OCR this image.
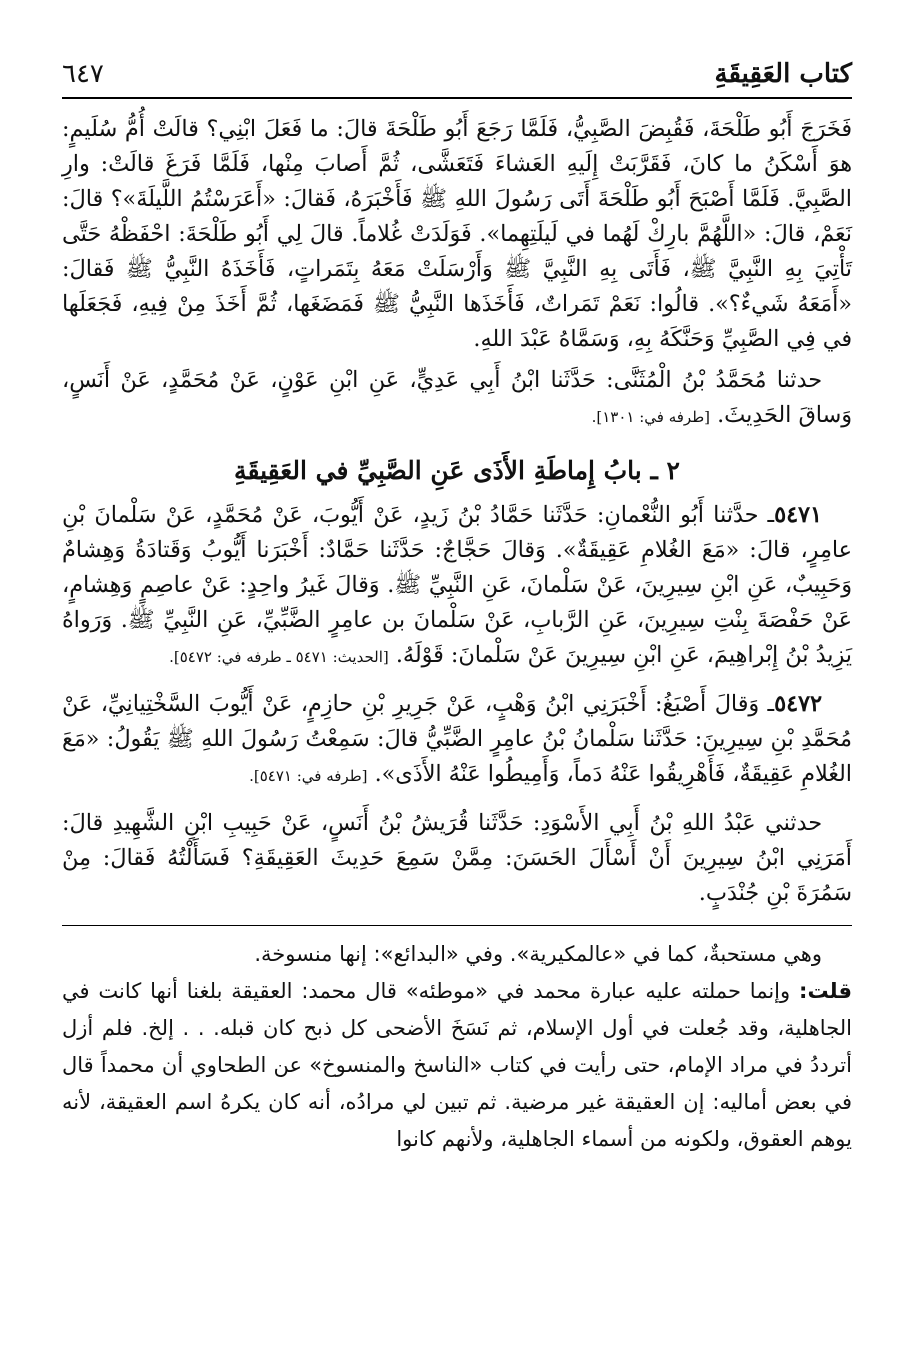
٦٤٧	كتاب العَقِيقَةِ

فَخَرَجَ أَبُو طَلْحَةَ، فَقُبِضَ الصَّبِيُّ، فَلَمَّا رَجَعَ أَبُو طَلْحَةَ قالَ: ما فَعَلَ ابْنِي؟ قالَتْ أُمُّ سُلَيمٍ: هوَ أَسْكَنُ ما كانَ، فَقَرَّبَتْ إِلَيهِ العَشاءَ فَتَعَشَّى، ثُمَّ أَصابَ مِنْها، فَلَمَّا فَرَغَ قالَتْ: وارِ الصَّبِيَّ. فَلَمَّا أَصْبَحَ أَبُو طَلْحَةَ أَتَى رَسُولَ اللهِ ﷺ فَأَخْبَرَهُ، فَقالَ: «أَعَرَسْتُمُ اللَّيلَةَ»؟ قالَ: نَعَمْ، قالَ: «اللَّهُمَّ بارِكْ لَهُما في لَيلَتِهِما». فَوَلَدَتْ غُلاماً. قالَ لِي أَبُو طَلْحَةَ: احْفَظْهُ حَتَّى تَأْتِيَ بِهِ النَّبِيَّ ﷺ، فَأَتَى بِهِ النَّبِيَّ ﷺ وَأَرْسَلَتْ مَعَهُ بِتَمَراتٍ، فَأَخَذَهُ النَّبِيُّ ﷺ فَقالَ: «أَمَعَهُ شَيءٌ؟». قالُوا: نَعَمْ تَمَراتٌ، فَأَخَذَها النَّبِيُّ ﷺ فَمَضَغَها، ثُمَّ أَخَذَ مِنْ فِيهِ، فَجَعَلَها في فِي الصَّبِيِّ وَحَنَّكَهُ بِهِ، وَسَمَّاهُ عَبْدَ اللهِ.

حدثنا مُحَمَّدُ بْنُ الْمُثَنَّى: حَدَّثَنا ابْنُ أَبِي عَدِيٍّ، عَنِ ابْنِ عَوْنٍ، عَنْ مُحَمَّدٍ، عَنْ أَنَسٍ، وَساقَ الحَدِيثَ. [طرفه في: ١٣٠١].

٢ ـ بابُ إِماطَةِ الأَذَى عَنِ الصَّبِيِّ في العَقِيقَةِ

٥٤٧١ـ حدَّثنا أَبُو النُّعْمانِ: حَدَّثَنا حَمَّادُ بْنُ زَيدٍ، عَنْ أَيُّوبَ، عَنْ مُحَمَّدٍ، عَنْ سَلْمانَ بْنِ عامِرٍ، قالَ: «مَعَ الغُلامِ عَقِيقَةٌ». وَقالَ حَجَّاجٌ: حَدَّثَنا حَمَّادٌ: أَخْبَرَنا أَيُّوبُ وَقَتادَةُ وَهِشامٌ وَحَبِيبٌ، عَنِ ابْنِ سِيرِينَ، عَنْ سَلْمانَ، عَنِ النَّبِيِّ ﷺ. وَقالَ غَيرُ واحِدٍ: عَنْ عاصِمٍ وَهِشامٍ، عَنْ حَفْصَةَ بِنْتِ سِيرِينَ، عَنِ الرَّبابِ، عَنْ سَلْمانَ بن عامِرٍ الضَّبِّيِّ، عَنِ النَّبِيِّ ﷺ. وَرَواهُ يَزِيدُ بْنُ إِبْراهِيمَ، عَنِ ابْنِ سِيرِينَ عَنْ سَلْمانَ: قَوْلَهُ. [الحديث: ٥٤٧١ ـ طرفه في: ٥٤٧٢].

٥٤٧٢ـ وَقالَ أَصْبَغُ: أَخْبَرَنِي ابْنُ وَهْبٍ، عَنْ جَرِيرِ بْنِ حازِمٍ، عَنْ أَيُّوبَ السَّخْتِيانِيِّ، عَنْ مُحَمَّدِ بْنِ سِيرِينَ: حَدَّثَنا سَلْمانُ بْنُ عامِرٍ الضَّبِّيُّ قالَ: سَمِعْتُ رَسُولَ اللهِ ﷺ يَقُولُ: «مَعَ الغُلامِ عَقِيقَةٌ، فَأَهْرِيقُوا عَنْهُ دَماً، وَأَمِيطُوا عَنْهُ الأَذَى». [طرفه في: ٥٤٧١].

حدثني عَبْدُ اللهِ بْنُ أَبِي الأَسْوَدِ: حَدَّثَنا قُرَيشُ بْنُ أَنَسٍ، عَنْ حَبِيبِ ابْنِ الشَّهِيدِ قالَ: أَمَرَنِي ابْنُ سِيرِينَ أَنْ أَسْأَلَ الحَسَنَ: مِمَّنْ سَمِعَ حَدِيثَ العَقِيقَةِ؟ فَسَأَلْتُهُ فَقالَ: مِنْ سَمُرَةَ بْنِ جُنْدَبٍ.

وهي مستحبةٌ، كما في «عالمكيرية». وفي «البدائع»: إنها منسوخة.

قلت: وإنما حملته عليه عبارة محمد في «موطئه» قال محمد: العقيقة بلغنا أنها كانت في الجاهلية، وقد جُعلت في أول الإسلام، ثم نَسَخَ الأضحى كل ذبح كان قبله. . . إلخ. فلم أزل أترددُ في مراد الإمام، حتى رأيت في كتاب «الناسخ والمنسوخ» عن الطحاوي أن محمداً قال في بعض أماليه: إن العقيقة غير مرضية. ثم تبين لي مرادُه، أنه كان يكرهُ اسم العقيقة، لأنه يوهم العقوق، ولكونه من أسماء الجاهلية، ولأنهم كانوا
